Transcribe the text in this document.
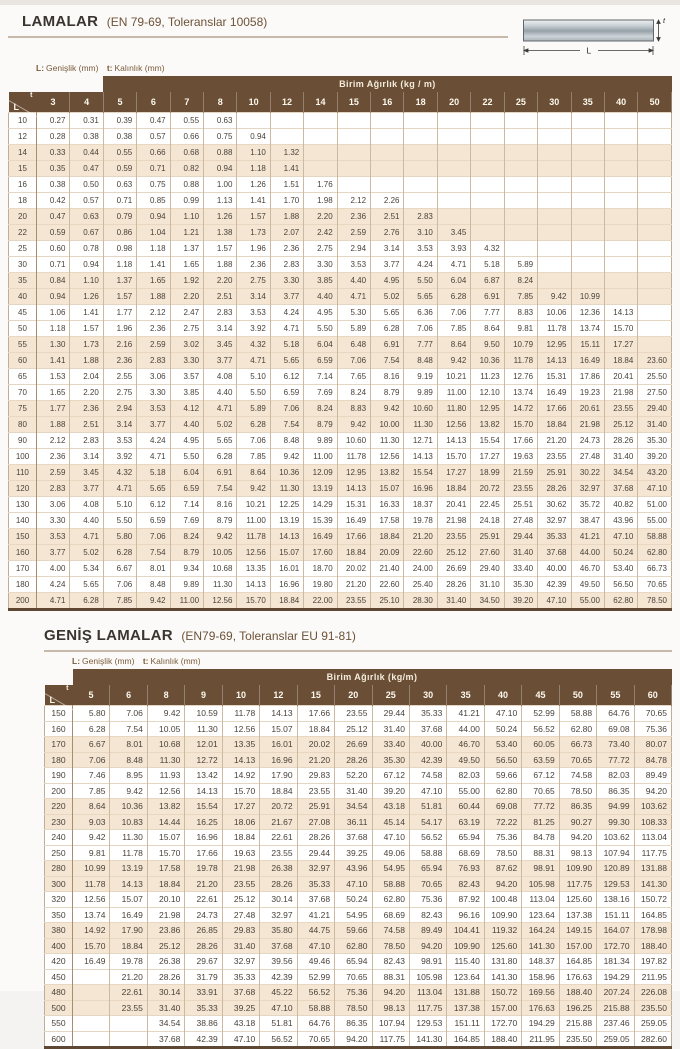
LAMALAR (EN 79-69, Toleranslar 10058)	t
L
L: Genişlik (mm) t: Kalınlık (mm)
			Birim Ağırlık (kg / m)																

t
L	3	4	5	6	7	8	10	12	14	15	16	18	20	22	25	30	35	40	50
10	0.27	0.31	0.39	0.47	0.55	0.63													
12	0.28	0.38	0.38	0.57	0.66	0.75	0.94												
14	0.33	0.44	0.55	0.66	0.68	0.88	1.10	1.32											
15	0.35	0.47	0.59	0.71	0.82	0.94	1.18	1.41											
16	0.38	0.50	0.63	0.75	0.88	1.00	1.26	1.51	1.76										
18	0.42	0.57	0.71	0.85	0.99	1.13	1.41	1.70	1.98	2.12	2.26								
20	0.47	0.63	0.79	0.94	1.10	1.26	1.57	1.88	2.20	2.36	2.51	2.83							
22	0.59	0.67	0.86	1.04	1.21	1.38	1.73	2.07	2.42	2.59	2.76	3.10	3.45						
25	0.60	0.78	0.98	1.18	1.37	1.57	1.96	2.36	2.75	2.94	3.14	3.53	3.93	4.32					
30	0.71	0.94	1.18	1.41	1.65	1.88	2.36	2.83	3.30	3.53	3.77	4.24	4.71	5.18	5.89				
35	0.84	1.10	1.37	1.65	1.92	2.20	2.75	3.30	3.85	4.40	4.95	5.50	6.04	6.87	8.24				
40	0.94	1.26	1.57	1.88	2.20	2.51	3.14	3.77	4.40	4.71	5.02	5.65	6.28	6.91	7.85	9.42	10.99		
45	1.06	1.41	1.77	2.12	2.47	2.83	3.53	4.24	4.95	5.30	5.65	6.36	7.06	7.77	8.83	10.06	12.36	14.13	
50	1.18	1.57	1.96	2.36	2.75	3.14	3.92	4.71	5.50	5.89	6.28	7.06	7.85	8.64	9.81	11.78	13.74	15.70	
55	1.30	1.73	2.16	2.59	3.02	3.45	4.32	5.18	6.04	6.48	6.91	7.77	8.64	9.50	10.79	12.95	15.11	17.27	
60	1.41	1.88	2.36	2.83	3.30	3.77	4.71	5.65	6.59	7.06	7.54	8.48	9.42	10.36	11.78	14.13	16.49	18.84	23.60
65	1.53	2.04	2.55	3.06	3.57	4.08	5.10	6.12	7.14	7.65	8.16	9.19	10.21	11.23	12.76	15.31	17.86	20.41	25.50
70	1.65	2.20	2.75	3.30	3.85	4.40	5.50	6.59	7.69	8.24	8.79	9.89	11.00	12.10	13.74	16.49	19.23	21.98	27.50
75	1.77	2.36	2.94	3.53	4.12	4.71	5.89	7.06	8.24	8.83	9.42	10.60	11.80	12.95	14.72	17.66	20.61	23.55	29.40
80	1.88	2.51	3.14	3.77	4.40	5.02	6.28	7.54	8.79	9.42	10.00	11.30	12.56	13.82	15.70	18.84	21.98	25.12	31.40
90	2.12	2.83	3.53	4.24	4.95	5.65	7.06	8.48	9.89	10.60	11.30	12.71	14.13	15.54	17.66	21.20	24.73	28.26	35.30
100	2.36	3.14	3.92	4.71	5.50	6.28	7.85	9.42	11.00	11.78	12.56	14.13	15.70	17.27	19.63	23.55	27.48	31.40	39.20
110	2.59	3.45	4.32	5.18	6.04	6.91	8.64	10.36	12.09	12.95	13.82	15.54	17.27	18.99	21.59	25.91	30.22	34.54	43.20
120	2.83	3.77	4.71	5.65	6.59	7.54	9.42	11.30	13.19	14.13	15.07	16.96	18.84	20.72	23.55	28.26	32.97	37.68	47.10
130	3.06	4.08	5.10	6.12	7.14	8.16	10.21	12.25	14.29	15.31	16.33	18.37	20.41	22.45	25.51	30.62	35.72	40.82	51.00
140	3.30	4.40	5.50	6.59	7.69	8.79	11.00	13.19	15.39	16.49	17.58	19.78	21.98	24.18	27.48	32.97	38.47	43.96	55.00
150	3.53	4.71	5.80	7.06	8.24	9.42	11.78	14.13	16.49	17.66	18.84	21.20	23.55	25.91	29.44	35.33	41.21	47.10	58.88
160	3.77	5.02	6.28	7.54	8.79	10.05	12.56	15.07	17.60	18.84	20.09	22.60	25.12	27.60	31.40	37.68	44.00	50.24	62.80
170	4.00	5.34	6.67	8.01	9.34	10.68	13.35	16.01	18.70	20.02	21.40	24.00	26.69	29.40	33.40	40.00	46.70	53.40	66.73
180	4.24	5.65	7.06	8.48	9.89	11.30	14.13	16.96	19.80	21.20	22.60	25.40	28.26	31.10	35.30	42.39	49.50	56.50	70.65
200	4.71	6.28	7.85	9.42	11.00	12.56	15.70	18.84	22.00	23.55	25.10	28.30	31.40	34.50	39.20	47.10	55.00	62.80	78.50
GENİŞ LAMALAR (EN79-69, Toleranslar EU 91-81)
L: Genişlik (mm) t: Kalınlık (mm)
	Birim Ağırlık (kg/m)															

t
L	5	6	8	9	10	12	15	20	25	30	35	40	45	50	55	60
150	5.80	7.06	9.42	10.59	11.78	14.13	17.66	23.55	29.44	35.33	41.21	47.10	52.99	58.88	64.76	70.65
160	6.28	7.54	10.05	11.30	12.56	15.07	18.84	25.12	31.40	37.68	44.00	50.24	56.52	62.80	69.08	75.36
170	6.67	8.01	10.68	12.01	13.35	16.01	20.02	26.69	33.40	40.00	46.70	53.40	60.05	66.73	73.40	80.07
180	7.06	8.48	11.30	12.72	14.13	16.96	21.20	28.26	35.30	42.39	49.50	56.50	63.59	70.65	77.72	84.78
190	7.46	8.95	11.93	13.42	14.92	17.90	29.83	52.20	67.12	74.58	82.03	59.66	67.12	74.58	82.03	89.49
200	7.85	9.42	12.56	14.13	15.70	18.84	23.55	31.40	39.20	47.10	55.00	62.80	70.65	78.50	86.35	94.20
220	8.64	10.36	13.82	15.54	17.27	20.72	25.91	34.54	43.18	51.81	60.44	69.08	77.72	86.35	94.99	103.62
230	9.03	10.83	14.44	16.25	18.06	21.67	27.08	36.11	45.14	54.17	63.19	72.22	81.25	90.27	99.30	108.33
240	9.42	11.30	15.07	16.96	18.84	22.61	28.26	37.68	47.10	56.52	65.94	75.36	84.78	94.20	103.62	113.04
250	9.81	11.78	15.70	17.66	19.63	23.55	29.44	39.25	49.06	58.88	68.69	78.50	88.31	98.13	107.94	117.75
280	10.99	13.19	17.58	19.78	21.98	26.38	32.97	43.96	54.95	65.94	76.93	87.62	98.91	109.90	120.89	131.88
300	11.78	14.13	18.84	21.20	23.55	28.26	35.33	47.10	58.88	70.65	82.43	94.20	105.98	117.75	129.53	141.30
320	12.56	15.07	20.10	22.61	25.12	30.14	37.68	50.24	62.80	75.36	87.92	100.48	113.04	125.60	138.16	150.72
350	13.74	16.49	21.98	24.73	27.48	32.97	41.21	54.95	68.69	82.43	96.16	109.90	123.64	137.38	151.11	164.85
380	14.92	17.90	23.86	26.85	29.83	35.80	44.75	59.66	74.58	89.49	104.41	119.32	164.24	149.15	164.07	178.98
400	15.70	18.84	25.12	28.26	31.40	37.68	47.10	62.80	78.50	94.20	109.90	125.60	141.30	157.00	172.70	188.40
420	16.49	19.78	26.38	29.67	32.97	39.56	49.46	65.94	82.43	98.91	115.40	131.80	148.37	164.85	181.34	197.82
450		21.20	28.26	31.79	35.33	42.39	52.99	70.65	88.31	105.98	123.64	141.30	158.96	176.63	194.29	211.95
480		22.61	30.14	33.91	37.68	45.22	56.52	75.36	94.20	113.04	131.88	150.72	169.56	188.40	207.24	226.08
500		23.55	31.40	35.33	39.25	47.10	58.88	78.50	98.13	117.75	137.38	157.00	176.63	196.25	215.88	235.50
550			34.54	38.86	43.18	51.81	64.76	86.35	107.94	129.53	151.11	172.70	194.29	215.88	237.46	259.05
600			37.68	42.39	47.10	56.52	70.65	94.20	117.75	141.30	164.85	188.40	211.95	235.50	259.05	282.60
